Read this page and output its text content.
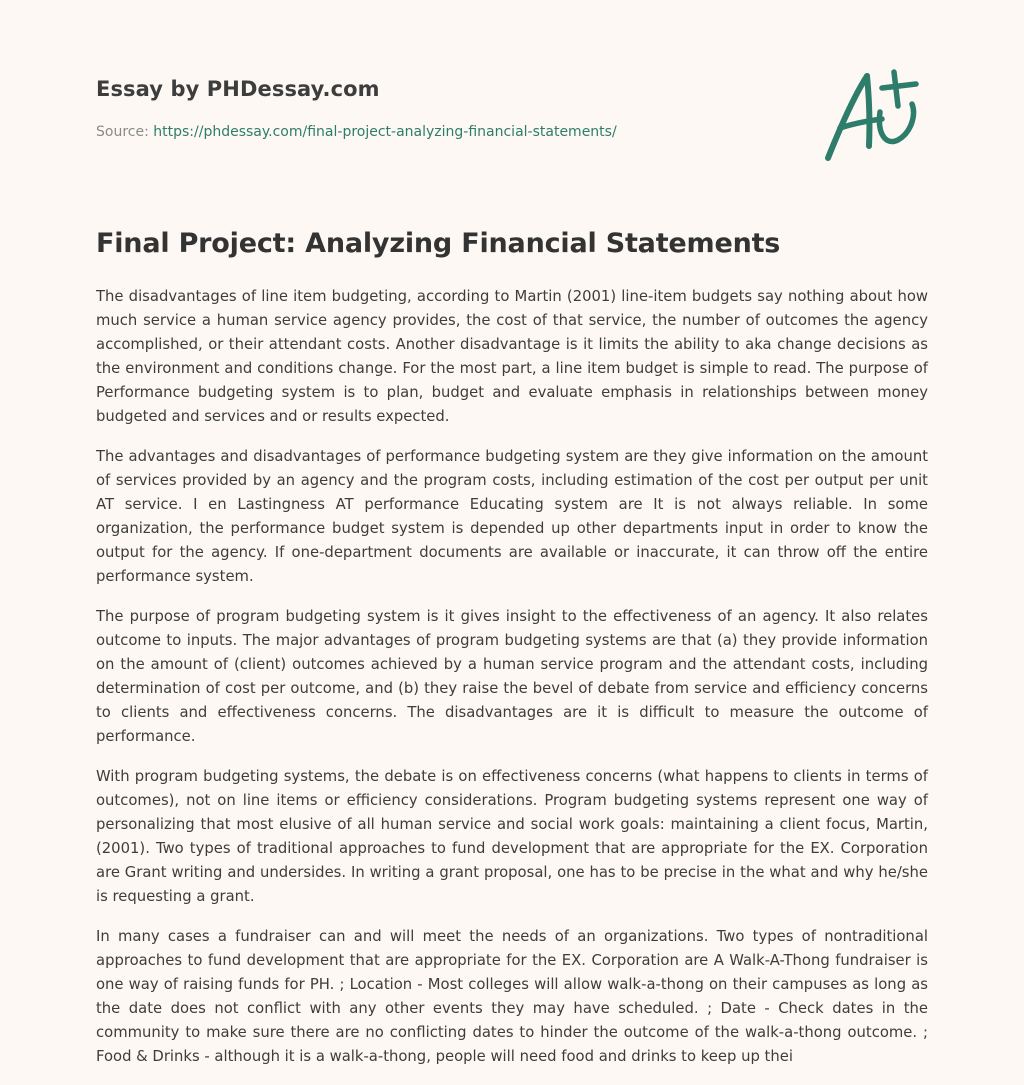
Essay by PHDessay.com
Source: https://phdessay.com/final-project-analyzing-financial-statements/
Final Project: Analyzing Financial Statements

The disadvantages of line item budgeting, according to Martin (2001) line-item budgets say nothing about how much service a human service agency provides, the cost of that service, the number of outcomes the agency accomplished, or their attendant costs. Another disadvantage is it limits the ability to aka change decisions as the environment and conditions change. For the most part, a line item budget is simple to read. The purpose of Performance budgeting system is to plan, budget and evaluate emphasis in relationships between money budgeted and services and or results expected.

The advantages and disadvantages of performance budgeting system are they give information on the amount of services provided by an agency and the program costs, including estimation of the cost per output per unit AT service. I en Lastingness AT performance Educating system are It is not always reliable. In some organization, the performance budget system is depended up other departments input in order to know the output for the agency. If one-department documents are available or inaccurate, it can throw off the entire performance system.

The purpose of program budgeting system is it gives insight to the effectiveness of an agency. It also relates outcome to inputs. The major advantages of program budgeting systems are that (a) they provide information on the amount of (client) outcomes achieved by a human service program and the attendant costs, including determination of cost per outcome, and (b) they raise the bevel of debate from service and efficiency concerns to clients and effectiveness concerns. The disadvantages are it is difficult to measure the outcome of performance.

With program budgeting systems, the debate is on effectiveness concerns (what happens to clients in terms of outcomes), not on line items or efficiency considerations. Program budgeting systems represent one way of personalizing that most elusive of all human service and social work goals: maintaining a client focus, Martin, (2001). Two types of traditional approaches to fund development that are appropriate for the EX. Corporation are Grant writing and undersides. In writing a grant proposal, one has to be precise in the what and why he/she is requesting a grant.

In many cases a fundraiser can and will meet the needs of an organizations. Two types of nontraditional approaches to fund development that are appropriate for the EX. Corporation are A Walk-A-Thong fundraiser is one way of raising funds for PH. ; Location - Most colleges will allow walk-a-thong on their campuses as long as the date does not conflict with any other events they may have scheduled. ; Date - Check dates in the community to make sure there are no conflicting dates to hinder the outcome of the walk-a-thong outcome. ; Food & Drinks - although it is a walk-a-thong, people will need food and drinks to keep up thei
